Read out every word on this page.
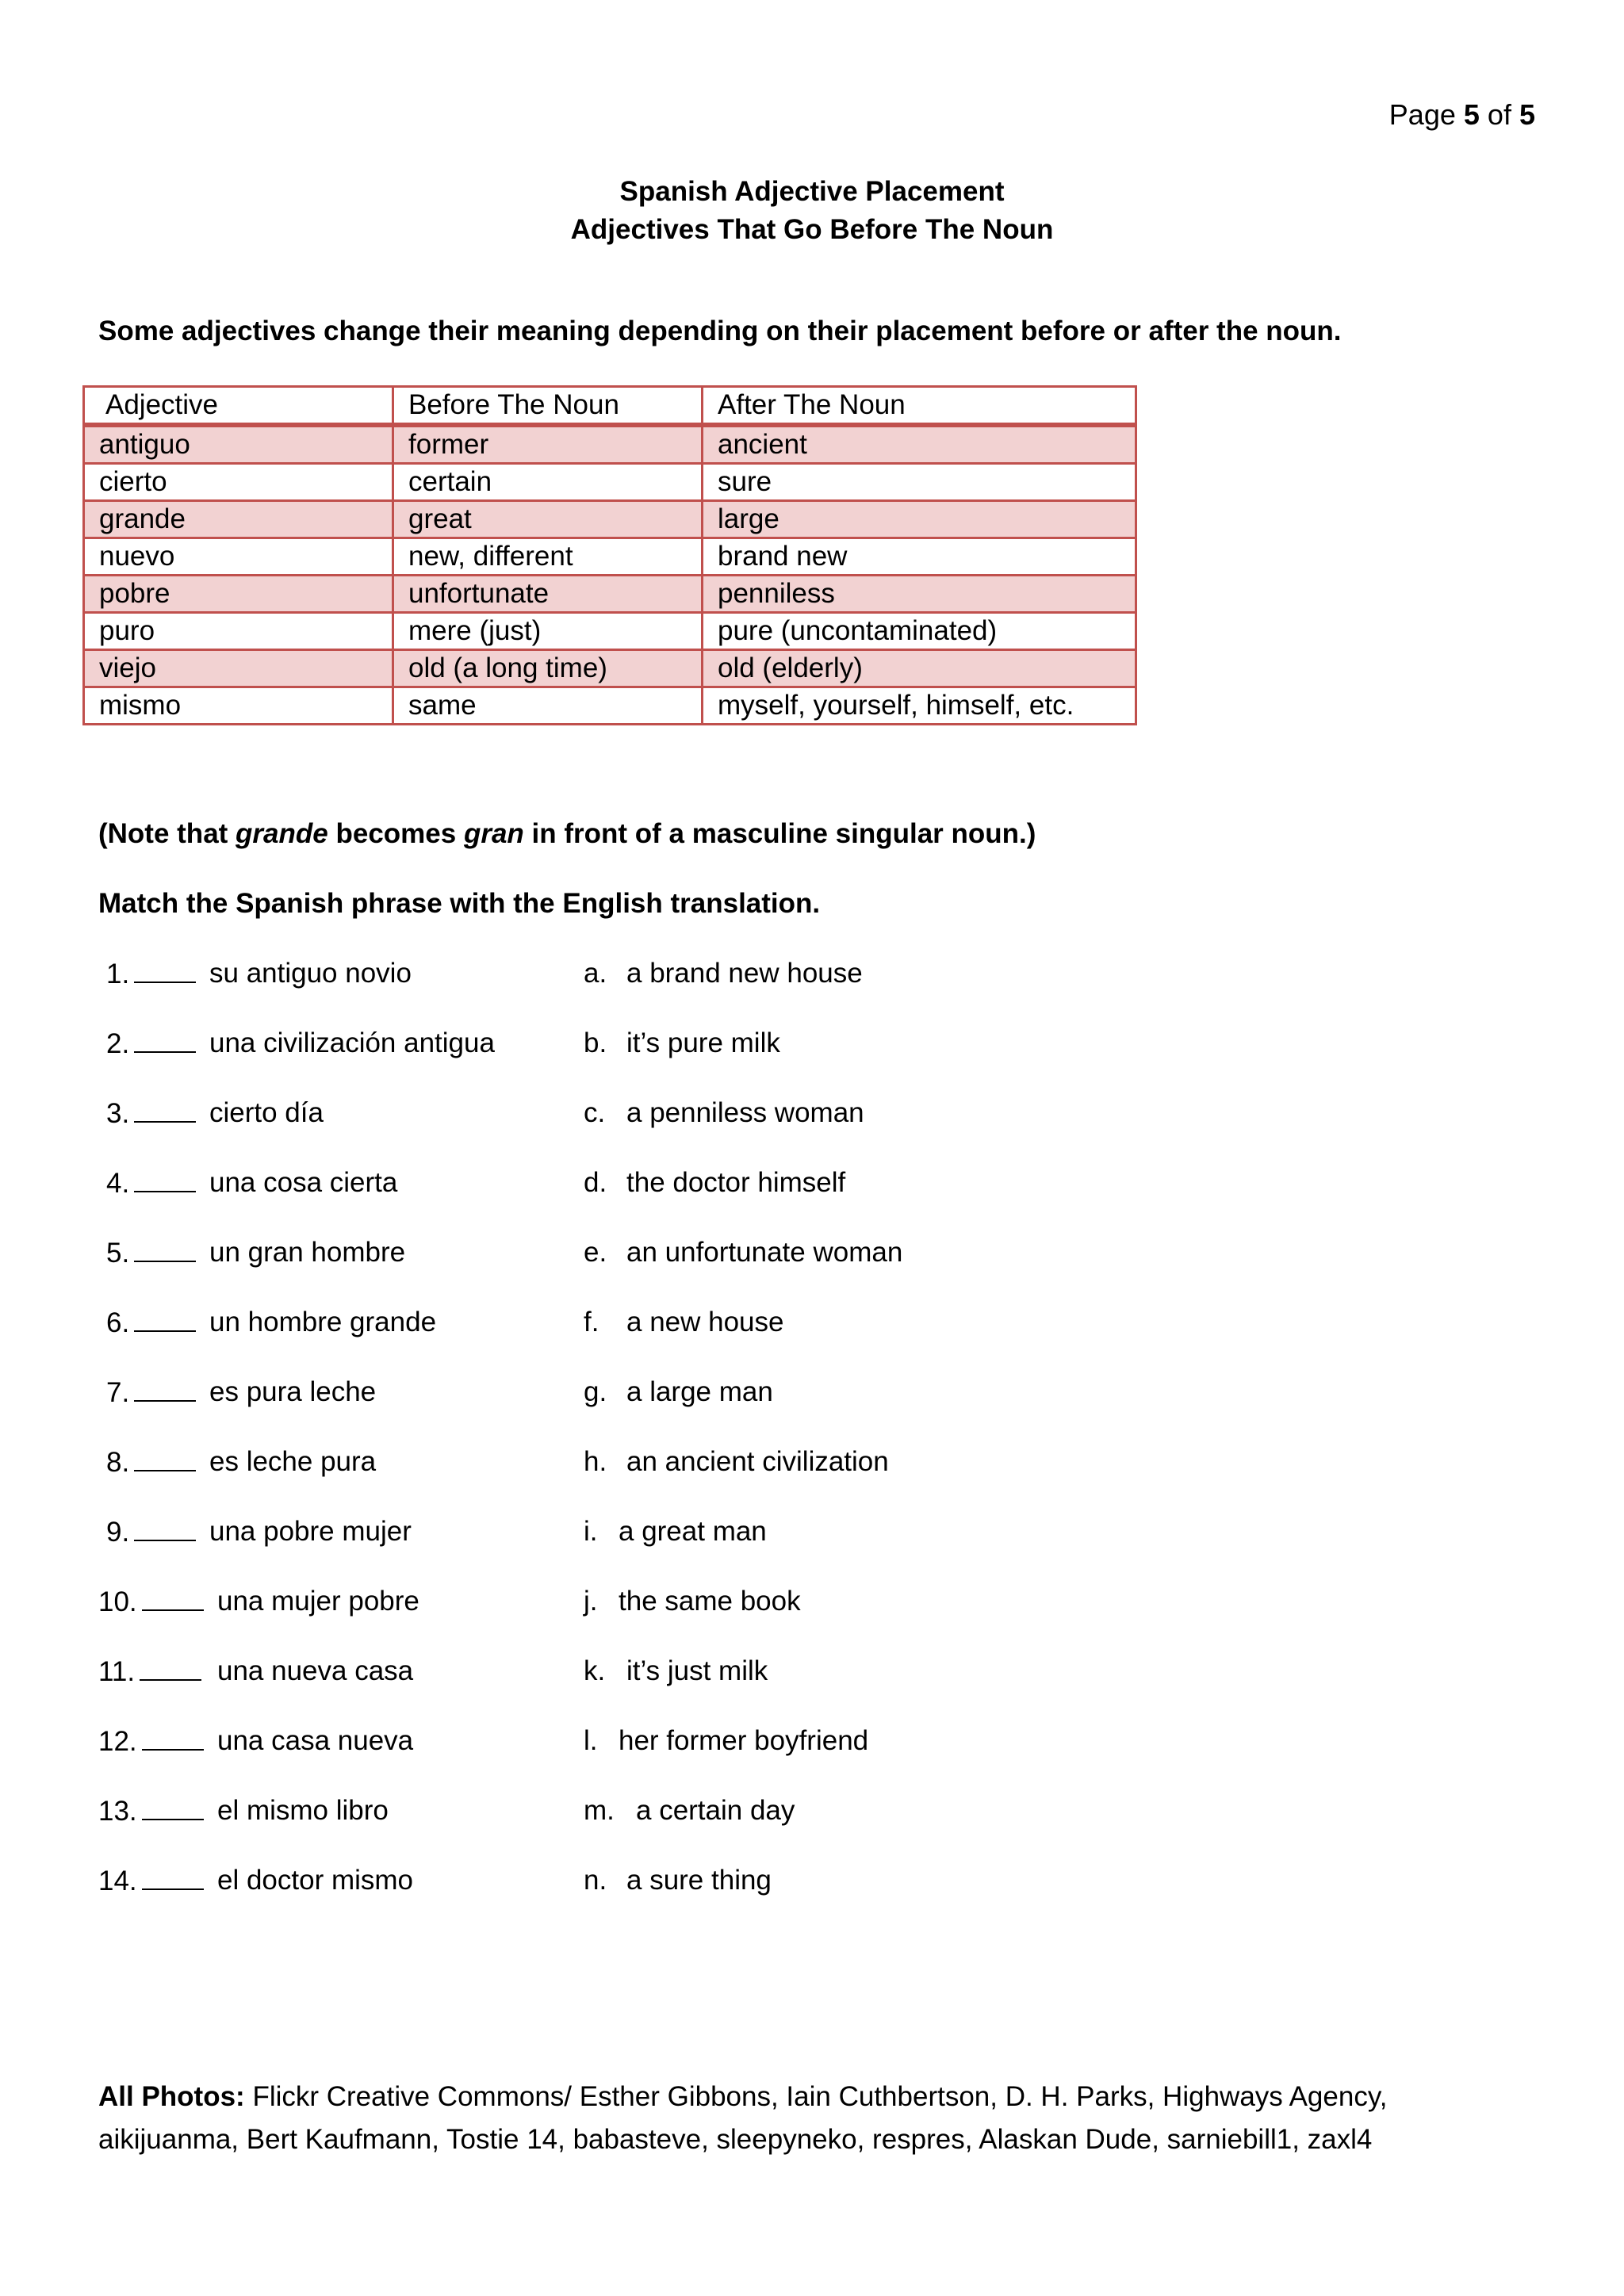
Page 5 of 5
Spanish Adjective Placement
Adjectives That Go Before The Noun
Some adjectives change their meaning depending on their placement before or after the noun.
Adjective	Before The Noun	After The Noun
antiguo	former	ancient
cierto	certain	sure
grande	great	large
nuevo	new, different	brand new
pobre	unfortunate	penniless
puro	mere (just)	pure (uncontaminated)
viejo	old (a long time)	old (elderly)
mismo	same	myself, yourself, himself, etc.
(Note that grande becomes gran in front of a masculine singular noun.)
Match the Spanish phrase with the English translation.
1.	su antiguo novio	a. a brand new house
2.	una civilización antigua	b. it’s pure milk
3.	cierto día	c. a penniless woman
4.	una cosa cierta	d. the doctor himself
5.	un gran hombre	e. an unfortunate woman
6.	un hombre grande	f. a new house
7.	es pura leche	g. a large man
8.	es leche pura	h. an ancient civilization
9.	una pobre mujer	i. a great man
10.	una mujer pobre	j. the same book
11.	una nueva casa	k. it’s just milk
12.	una casa nueva	l. her former boyfriend
13.	el mismo libro	m. a certain day
14.	el doctor mismo	n. a sure thing
All Photos: Flickr Creative Commons/ Esther Gibbons, Iain Cuthbertson, D. H. Parks, Highways Agency, aikijuanma, Bert Kaufmann, Tostie 14, babasteve, sleepyneko, respres, Alaskan Dude, sarniebill1, zaxl4
